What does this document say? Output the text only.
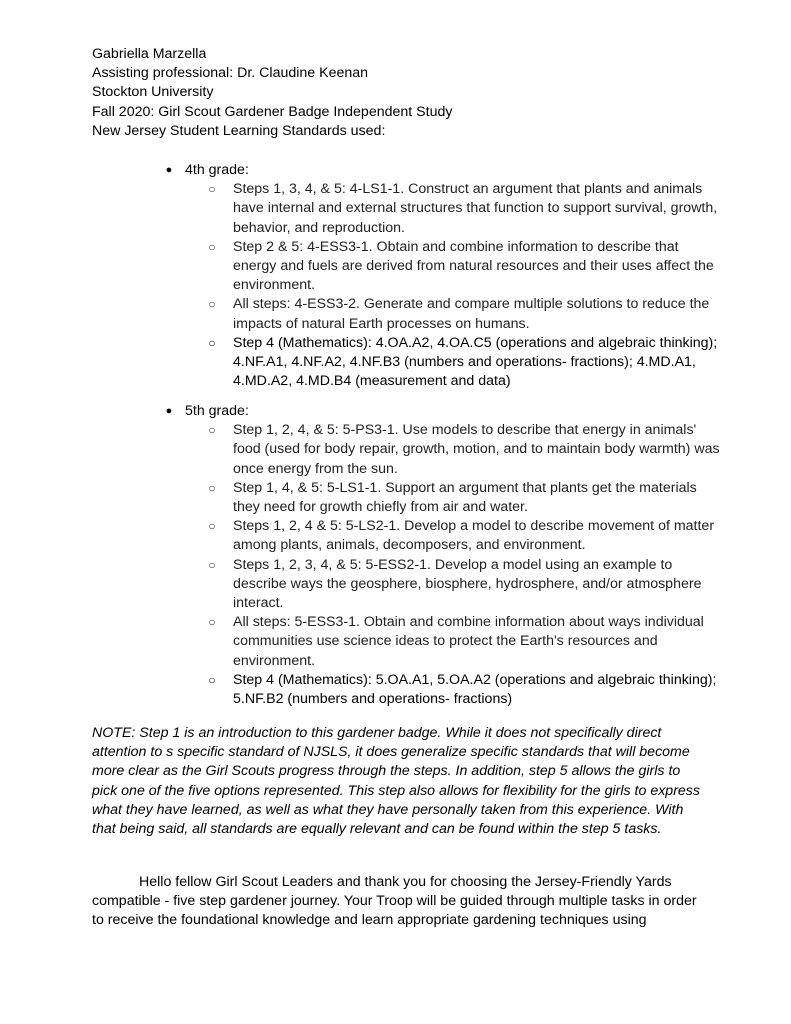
Gabriella Marzella
Assisting professional: Dr. Claudine Keenan
Stockton University
Fall 2020: Girl Scout Gardener Badge Independent Study
New Jersey Student Learning Standards used:
● 4th grade:
○ Steps 1, 3, 4, & 5: 4-LS1-1. Construct an argument that plants and animals have internal and external structures that function to support survival, growth, behavior, and reproduction.
○ Step 2 & 5: 4-ESS3-1. Obtain and combine information to describe that energy and fuels are derived from natural resources and their uses affect the environment.
○ All steps: 4-ESS3-2. Generate and compare multiple solutions to reduce the impacts of natural Earth processes on humans.
○ Step 4 (Mathematics): 4.OA.A2, 4.OA.C5 (operations and algebraic thinking); 4.NF.A1, 4.NF.A2, 4.NF.B3 (numbers and operations- fractions); 4.MD.A1, 4.MD.A2, 4.MD.B4 (measurement and data)
● 5th grade:
○ Step 1, 2, 4, & 5: 5-PS3-1. Use models to describe that energy in animals' food (used for body repair, growth, motion, and to maintain body warmth) was once energy from the sun.
○ Step 1, 4, & 5: 5-LS1-1. Support an argument that plants get the materials they need for growth chiefly from air and water.
○ Steps 1, 2, 4 & 5: 5-LS2-1. Develop a model to describe movement of matter among plants, animals, decomposers, and environment.
○ Steps 1, 2, 3, 4, & 5: 5-ESS2-1. Develop a model using an example to describe ways the geosphere, biosphere, hydrosphere, and/or atmosphere interact.
○ All steps: 5-ESS3-1. Obtain and combine information about ways individual communities use science ideas to protect the Earth's resources and environment.
○ Step 4 (Mathematics): 5.OA.A1, 5.OA.A2 (operations and algebraic thinking); 5.NF.B2 (numbers and operations- fractions)

NOTE: Step 1 is an introduction to this gardener badge. While it does not specifically direct attention to s specific standard of NJSLS, it does generalize specific standards that will become more clear as the Girl Scouts progress through the steps. In addition, step 5 allows the girls to pick one of the five options represented. This step also allows for flexibility for the girls to express what they have learned, as well as what they have personally taken from this experience. With that being said, all standards are equally relevant and can be found within the step 5 tasks.

Hello fellow Girl Scout Leaders and thank you for choosing the Jersey-Friendly Yards compatible - five step gardener journey. Your Troop will be guided through multiple tasks in order to receive the foundational knowledge and learn appropriate gardening techniques using
